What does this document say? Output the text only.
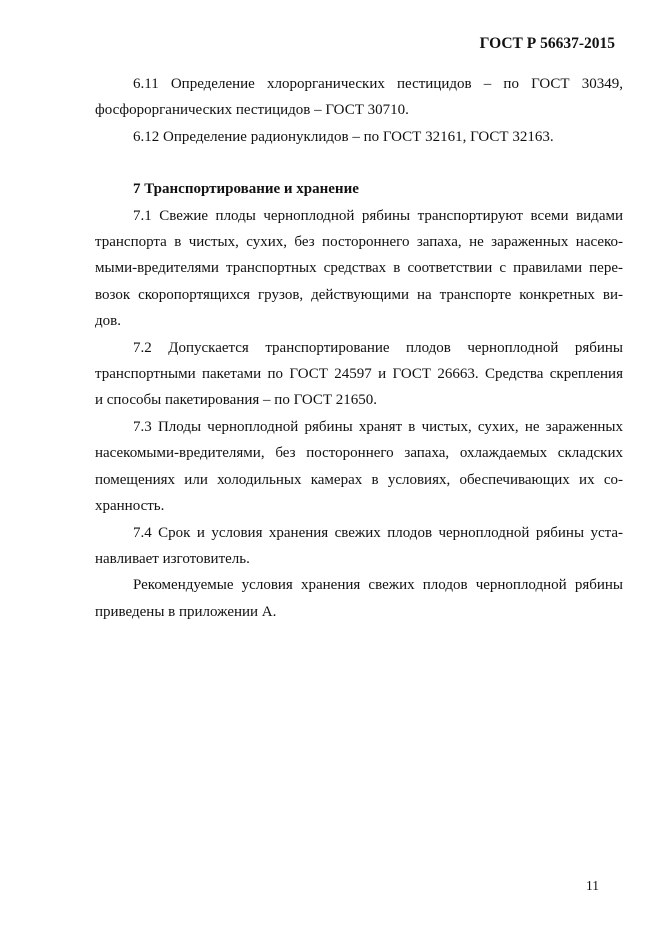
ГОСТ Р 56637-2015

6.11 Определение хлорорганических пестицидов – по ГОСТ 30349,
фосфорорганических пестицидов – ГОСТ 30710.

6.12 Определение радионуклидов – по ГОСТ 32161, ГОСТ 32163.

7 Транспортирование и хранение

7.1 Свежие плоды черноплодной рябины транспортируют всеми видами
транспорта в чистых, сухих, без постороннего запаха, не зараженных насеко-
мыми-вредителями транспортных средствах в соответствии с правилами пере-
возок скоропортящихся грузов, действующими на транспорте конкретных ви-
дов.

7.2 Допускается транспортирование плодов черноплодной рябины
транспортными пакетами по ГОСТ 24597 и ГОСТ 26663. Средства скрепления
и способы пакетирования – по ГОСТ 21650.

7.3 Плоды черноплодной рябины хранят в чистых, сухих, не зараженных
насекомыми-вредителями, без постороннего запаха, охлаждаемых складских
помещениях или холодильных камерах в условиях, обеспечивающих их со-
хранность.

7.4 Срок и условия хранения свежих плодов черноплодной рябины уста-
навливает изготовитель.

Рекомендуемые условия хранения свежих плодов черноплодной рябины
приведены в приложении А.

11
